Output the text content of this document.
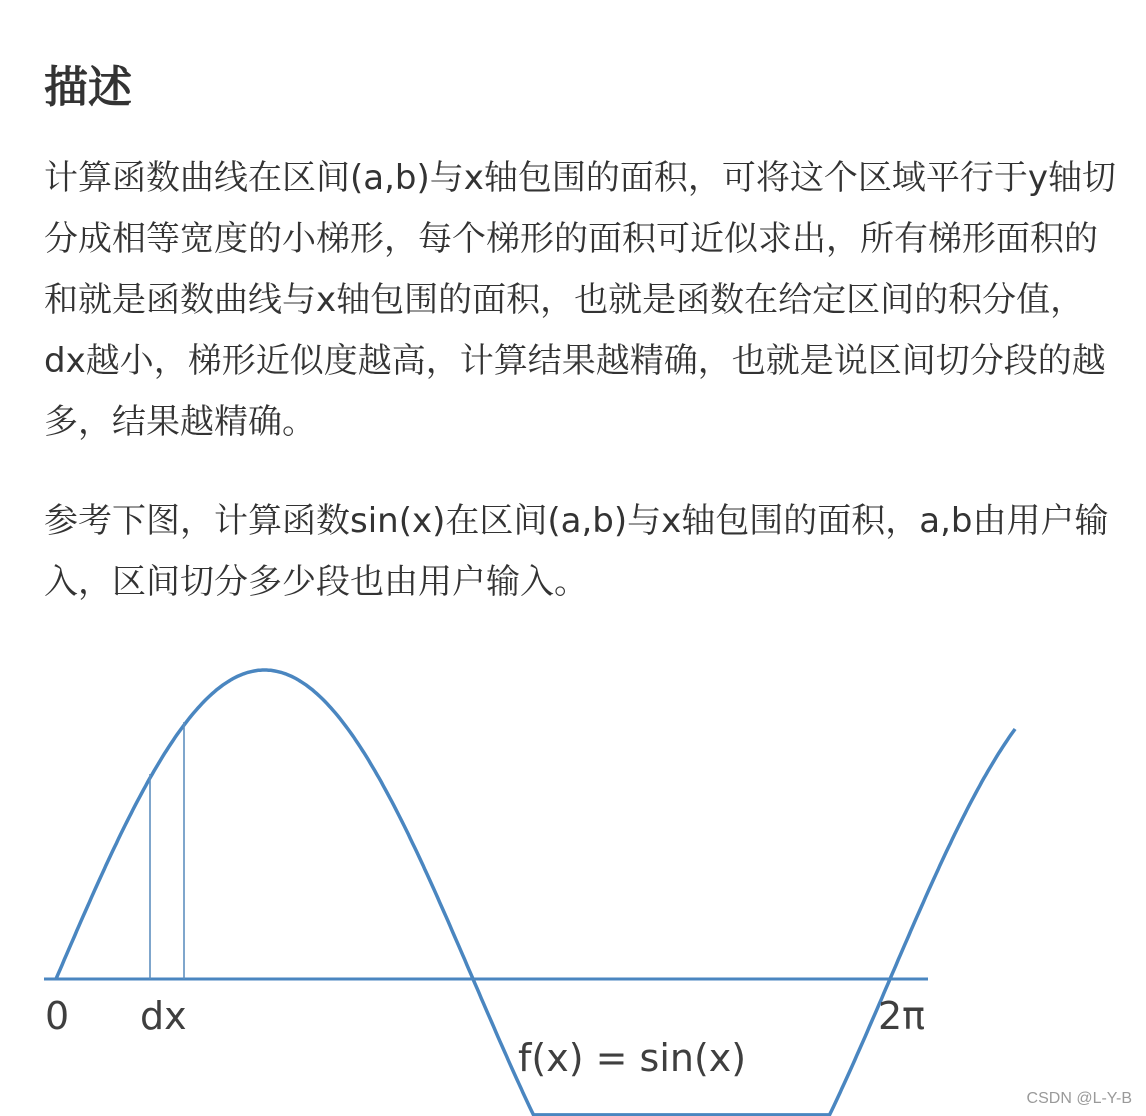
描述

计算函数曲线在区间(a,b)与x轴包围的面积，可将这个区域平行于y轴切分成相等宽度的小梯形，每个梯形的面积可近似求出，所有梯形面积的和就是函数曲线与x轴包围的面积，也就是函数在给定区间的积分值，dx越小，梯形近似度越高，计算结果越精确，也就是说区间切分段的越多，结果越精确。

参考下图，计算函数sin(x)在区间(a,b)与x轴包围的面积，a,b由用户输入，区间切分多少段也由用户输入。

0 dx	2π
f(x) = sin(x)
CSDN @L-Y-B
